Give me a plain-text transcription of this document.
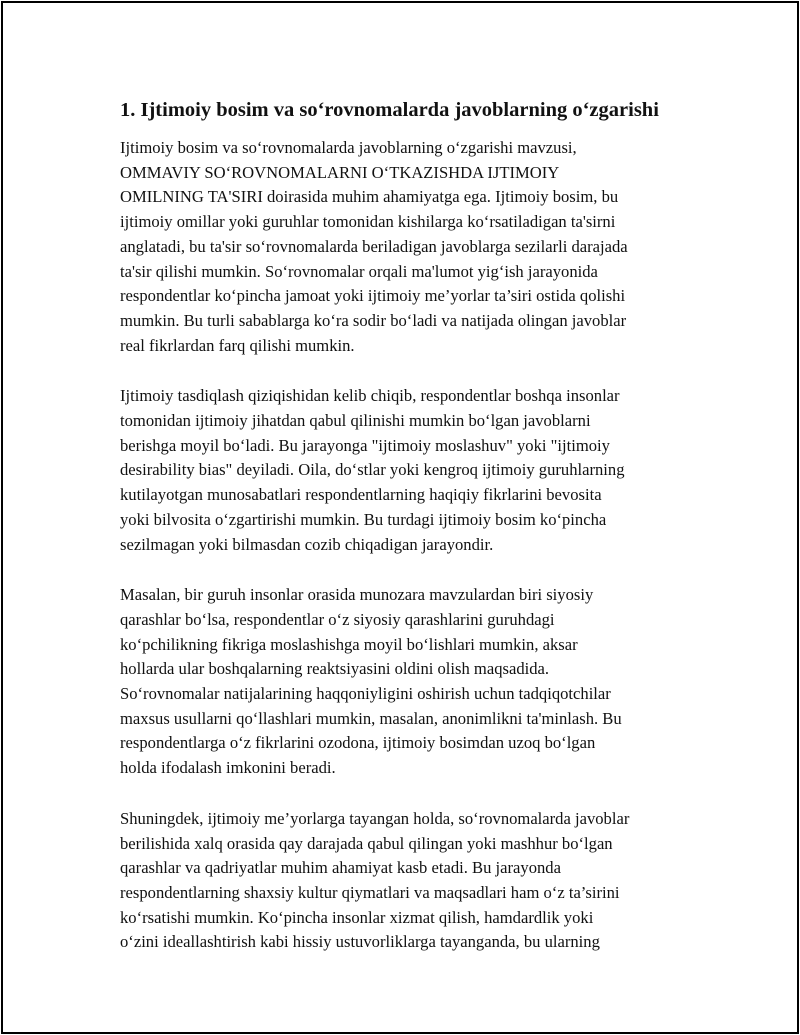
1. Ijtimoiy bosim va so‘rovnomalarda javoblarning o‘zgarishi

Ijtimoiy bosim va so‘rovnomalarda javoblarning o‘zgarishi mavzusi,
OMMAVIY SO‘ROVNOMALARNI O‘TKAZISHDA IJTIMOIY
OMILNING TA'SIRI doirasida muhim ahamiyatga ega. Ijtimoiy bosim, bu
ijtimoiy omillar yoki guruhlar tomonidan kishilarga ko‘rsatiladigan ta'sirni
anglatadi, bu ta'sir so‘rovnomalarda beriladigan javoblarga sezilarli darajada
ta'sir qilishi mumkin. So‘rovnomalar orqali ma'lumot yig‘ish jarayonida
respondentlar ko‘pincha jamoat yoki ijtimoiy me’yorlar ta’siri ostida qolishi
mumkin. Bu turli sabablarga ko‘ra sodir bo‘ladi va natijada olingan javoblar
real fikrlardan farq qilishi mumkin.

Ijtimoiy tasdiqlash qiziqishidan kelib chiqib, respondentlar boshqa insonlar
tomonidan ijtimoiy jihatdan qabul qilinishi mumkin bo‘lgan javoblarni
berishga moyil bo‘ladi. Bu jarayonga "ijtimoiy moslashuv" yoki "ijtimoiy
desirability bias" deyiladi. Oila, do‘stlar yoki kengroq ijtimoiy guruhlarning
kutilayotgan munosabatlari respondentlarning haqiqiy fikrlarini bevosita
yoki bilvosita o‘zgartirishi mumkin. Bu turdagi ijtimoiy bosim ko‘pincha
sezilmagan yoki bilmasdan cozib chiqadigan jarayondir.

Masalan, bir guruh insonlar orasida munozara mavzulardan biri siyosiy
qarashlar bo‘lsa, respondentlar o‘z siyosiy qarashlarini guruhdagi
ko‘pchilikning fikriga moslashishga moyil bo‘lishlari mumkin, aksar
hollarda ular boshqalarning reaktsiyasini oldini olish maqsadida.
So‘rovnomalar natijalarining haqqoniyligini oshirish uchun tadqiqotchilar
maxsus usullarni qo‘llashlari mumkin, masalan, anonimlikni ta'minlash. Bu
respondentlarga o‘z fikrlarini ozodona, ijtimoiy bosimdan uzoq bo‘lgan
holda ifodalash imkonini beradi.

Shuningdek, ijtimoiy me’yorlarga tayangan holda, so‘rovnomalarda javoblar
berilishida xalq orasida qay darajada qabul qilingan yoki mashhur bo‘lgan
qarashlar va qadriyatlar muhim ahamiyat kasb etadi. Bu jarayonda
respondentlarning shaxsiy kultur qiymatlari va maqsadlari ham o‘z ta’sirini
ko‘rsatishi mumkin. Ko‘pincha insonlar xizmat qilish, hamdardlik yoki
o‘zini ideallashtirish kabi hissiy ustuvorliklarga tayanganda, bu ularning
